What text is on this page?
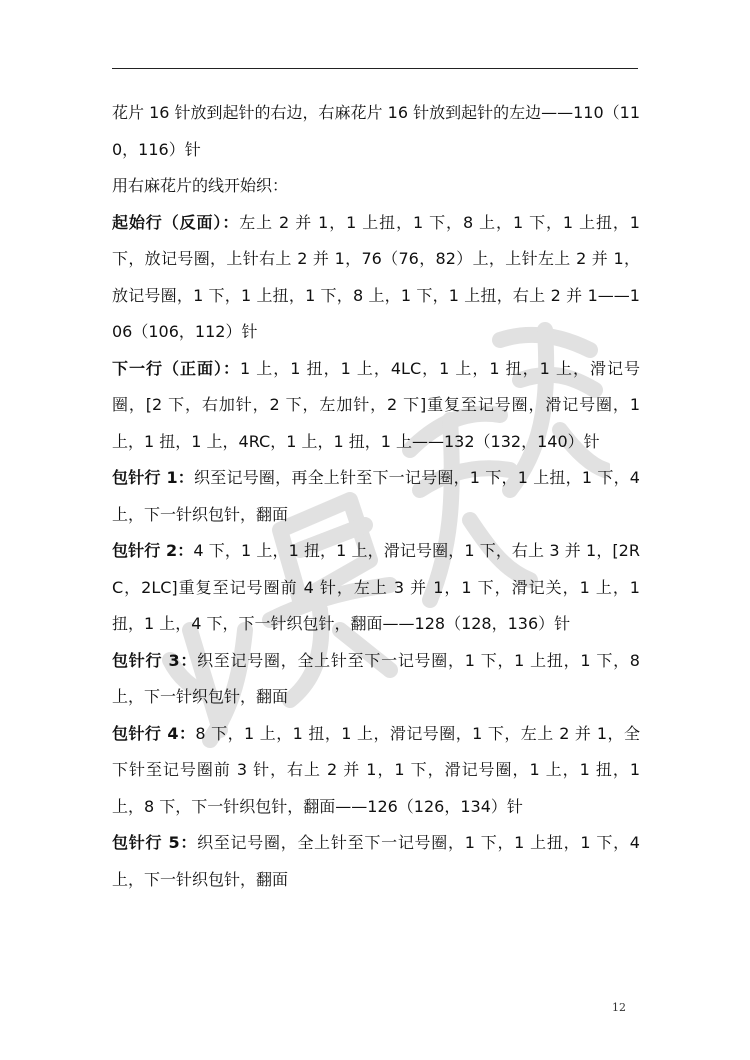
花片 16 针放到起针的右边，右麻花片 16 针放到起针的左边——110（110，116）针

用右麻花片的线开始织：

起始行（反面）：左上 2 并 1，1 上扭，1 下，8 上，1 下，1 上扭，1 下，放记号圈，上针右上 2 并 1，76（76，82）上，上针左上 2 并 1，放记号圈，1 下，1 上扭，1 下，8 上，1 下，1 上扭，右上 2 并 1——106（106，112）针

下一行（正面）：1 上，1 扭，1 上，4LC，1 上，1 扭，1 上，滑记号圈，[2 下，右加针，2 下，左加针，2 下]重复至记号圈，滑记号圈，1 上，1 扭，1 上，4RC，1 上，1 扭，1 上——132（132，140）针

包针行 1：织至记号圈，再全上针至下一记号圈，1 下，1 上扭，1 下，4 上，下一针织包针，翻面

包针行 2：4 下，1 上，1 扭，1 上，滑记号圈，1 下，右上 3 并 1，[2RC，2LC]重复至记号圈前 4 针，左上 3 并 1，1 下，滑记关，1 上，1 扭，1 上，4 下，下一针织包针，翻面——128（128，136）针

包针行 3：织至记号圈，全上针至下一记号圈，1 下，1 上扭，1 下，8 上，下一针织包针，翻面

包针行 4：8 下，1 上，1 扭，1 上，滑记号圈，1 下，左上 2 并 1，全下针至记号圈前 3 针，右上 2 并 1，1 下，滑记号圈，1 上，1 扭，1 上，8 下，下一针织包针，翻面——126（126，134）针

包针行 5：织至记号圈，全上针至下一记号圈，1 下，1 上扭，1 下，4 上，下一针织包针，翻面

12
